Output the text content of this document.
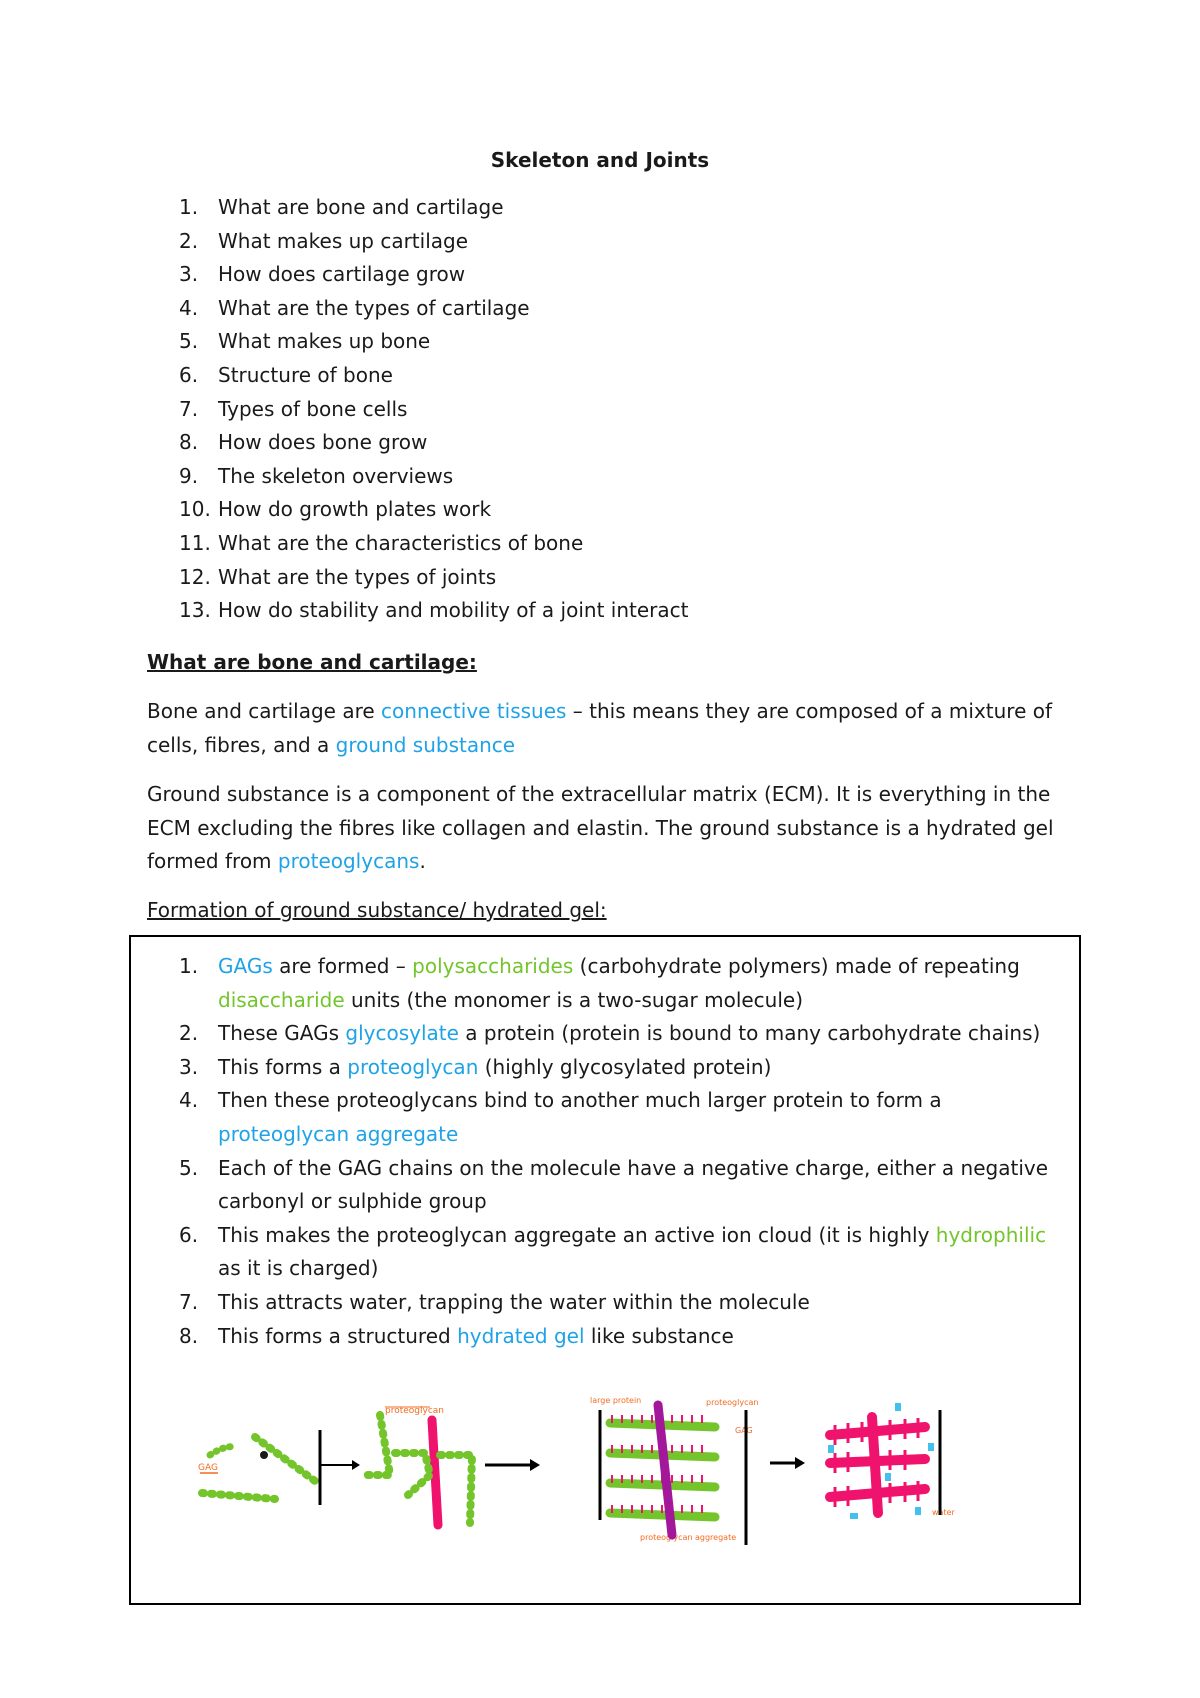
Skeleton and Joints
1. What are bone and cartilage
2. What makes up cartilage
3. How does cartilage grow
4. What are the types of cartilage
5. What makes up bone
6. Structure of bone
7. Types of bone cells
8. How does bone grow
9. The skeleton overviews
10. How do growth plates work
11. What are the characteristics of bone
12. What are the types of joints
13. How do stability and mobility of a joint interact
What are bone and cartilage:

Bone and cartilage are connective tissues – this means they are composed of a mixture of cells, fibres, and a ground substance

Ground substance is a component of the extracellular matrix (ECM). It is everything in the ECM excluding the fibres like collagen and elastin. The ground substance is a hydrated gel formed from proteoglycans.

Formation of ground substance/ hydrated gel:
1. GAGs are formed – polysaccharides (carbohydrate polymers) made of repeating disaccharide units (the monomer is a two-sugar molecule)
2. These GAGs glycosylate a protein (protein is bound to many carbohydrate chains)
3. This forms a proteoglycan (highly glycosylated protein)
4. Then these proteoglycans bind to another much larger protein to form a proteoglycan aggregate
5. Each of the GAG chains on the molecule have a negative charge, either a negative carbonyl or sulphide group
6. This makes the proteoglycan aggregate an active ion cloud (it is highly hydrophilic as it is charged)
7. This attracts water, trapping the water within the molecule
8. This forms a structured hydrated gel like substance
GAG
proteoglycan
large protein	proteoglycan
GAG
proteoglycan aggregate
water
